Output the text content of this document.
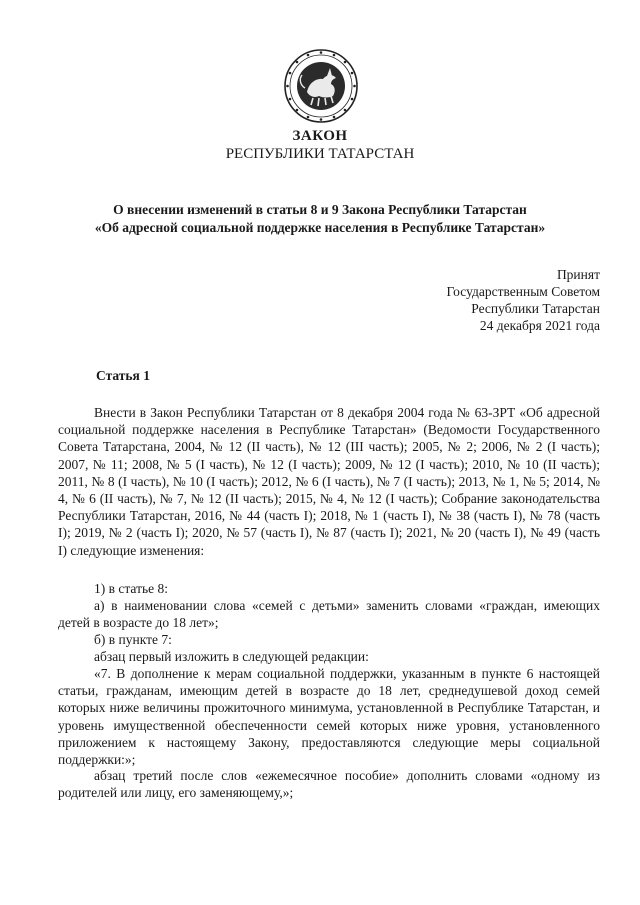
ЗАКОН
РЕСПУБЛИКИ ТАТАРСТАН
О внесении изменений в статьи 8 и 9 Закона Республики Татарстан
«Об адресной социальной поддержке населения в Республике Татарстан»
Принят
Государственным Советом
Республики Татарстан
24 декабря 2021 года
Статья 1
Внести в Закон Республики Татарстан от 8 декабря 2004 года № 63-ЗРТ «Об адресной социальной поддержке населения в Республике Татарстан» (Ведомости Государственного Совета Татарстана, 2004, № 12 (II часть), № 12 (III часть); 2005, № 2; 2006, № 2 (I часть); 2007, № 11; 2008, № 5 (I часть), № 12 (I часть); 2009, № 12 (I часть); 2010, № 10 (II часть); 2011, № 8 (I часть), № 10 (I часть); 2012, № 6 (I часть), № 7 (I часть); 2013, № 1, № 5; 2014, № 4, № 6 (II часть), № 7, № 12 (II часть); 2015, № 4, № 12 (I часть); Собрание законодательства Республики Татарстан, 2016, № 44 (часть I); 2018, № 1 (часть I), № 38 (часть I), № 78 (часть I); 2019, № 2 (часть I); 2020, № 57 (часть I), № 87 (часть I); 2021, № 20 (часть I), № 49 (часть I) следующие изменения:
1) в статье 8:
а) в наименовании слова «семей с детьми» заменить словами «граждан, имеющих детей в возрасте до 18 лет»;
б) в пункте 7:
абзац первый изложить в следующей редакции:
«7. В дополнение к мерам социальной поддержки, указанным в пункте 6 настоящей статьи, гражданам, имеющим детей в возрасте до 18 лет, среднедушевой доход семей которых ниже величины прожиточного минимума, установленной в Республике Татарстан, и уровень имущественной обеспеченности семей которых ниже уровня, установленного приложением к настоящему Закону, предоставляются следующие меры социальной поддержки:»;
абзац третий после слов «ежемесячное пособие» дополнить словами «одному из родителей или лицу, его заменяющему,»;
